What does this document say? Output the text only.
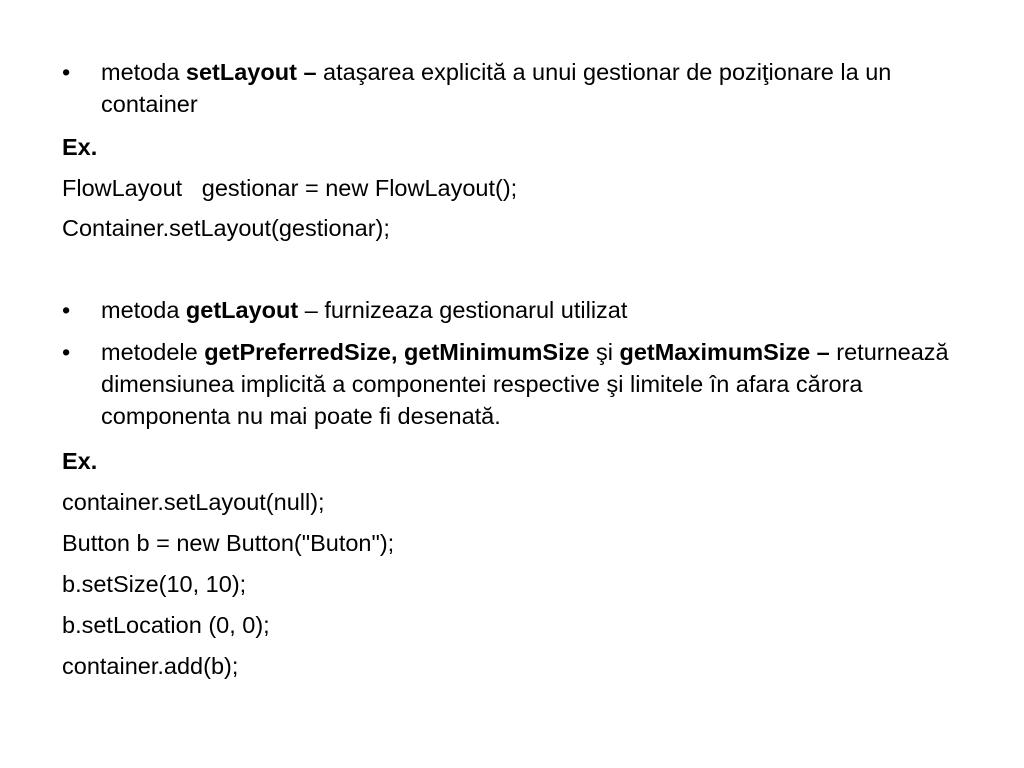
•	metoda setLayout – ataşarea explicită a unui gestionar de poziţionare la un container
Ex.
FlowLayout   gestionar = new FlowLayout();
Container.setLayout(gestionar);
•	metoda getLayout – furnizeaza gestionarul utilizat
•	metodele getPreferredSize, getMinimumSize şi getMaximumSize – returnează dimensiunea implicită a componentei respective şi limitele în afara cărora componenta nu mai poate fi desenată.
Ex.
container.setLayout(null);
Button b = new Button("Buton");
b.setSize(10, 10);
b.setLocation (0, 0);
container.add(b);
